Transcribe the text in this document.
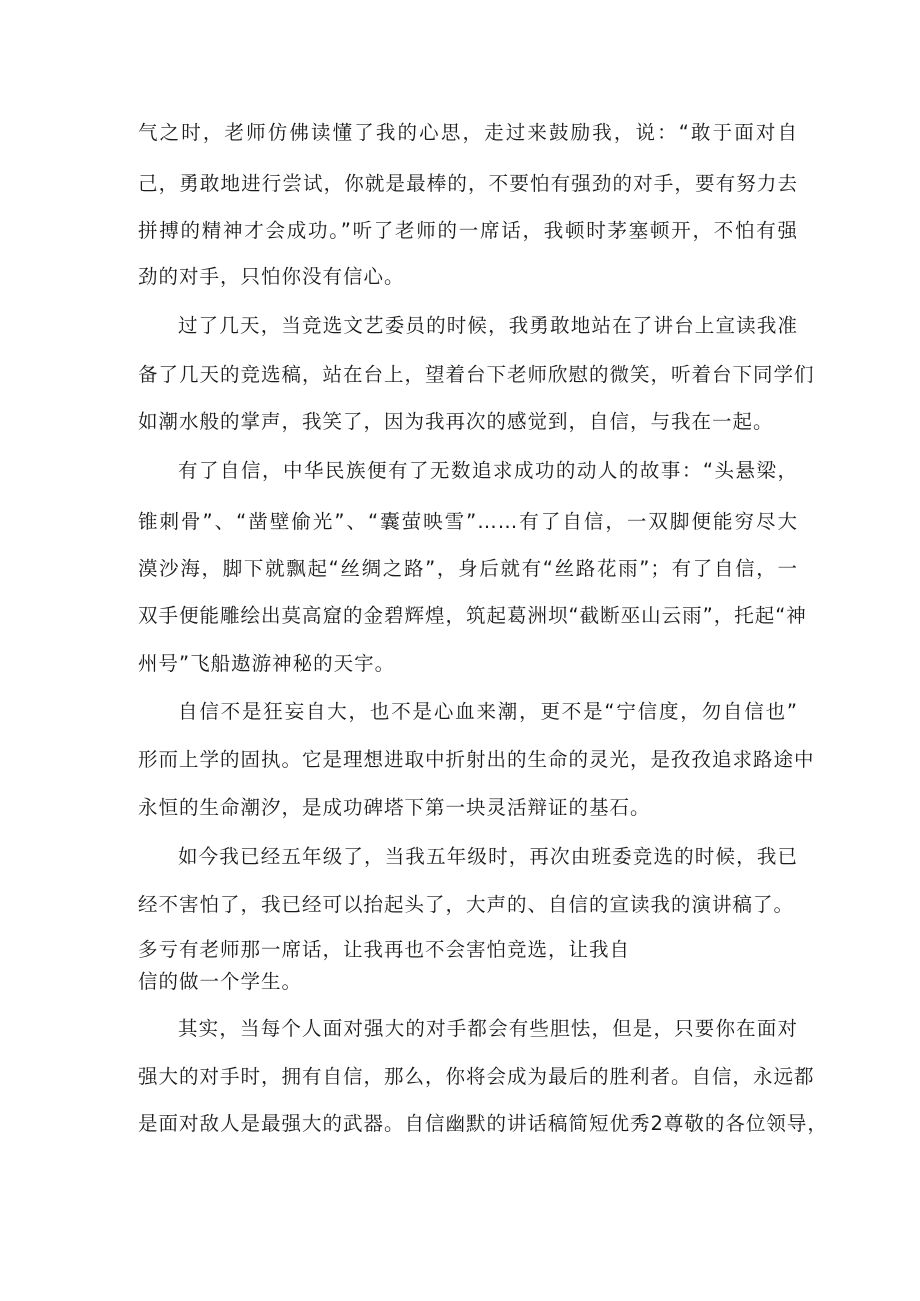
气之时，老师仿佛读懂了我的心思，走过来鼓励我，说：“敢于面对自
己，勇敢地进行尝试，你就是最棒的，不要怕有强劲的对手，要有努力去
拼搏的精神才会成功。”听了老师的一席话，我顿时茅塞顿开，不怕有强
劲的对手，只怕你没有信心。
过了几天，当竞选文艺委员的时候，我勇敢地站在了讲台上宣读我准
备了几天的竞选稿，站在台上，望着台下老师欣慰的微笑，听着台下同学们
如潮水般的掌声，我笑了，因为我再次的感觉到，自信，与我在一起。
有了自信，中华民族便有了无数追求成功的动人的故事：“头悬梁，
锥刺骨”、“凿壁偷光”、“囊萤映雪”……有了自信，一双脚便能穷尽大
漠沙海，脚下就飘起“丝绸之路”，身后就有“丝路花雨”；有了自信，一
双手便能雕绘出莫高窟的金碧辉煌，筑起葛洲坝“截断巫山云雨”，托起“神
州号”飞船遨游神秘的天宇。
自信不是狂妄自大，也不是心血来潮，更不是“宁信度，勿自信也”
形而上学的固执。它是理想进取中折射出的生命的灵光，是孜孜追求路途中
永恒的生命潮汐，是成功碑塔下第一块灵活辩证的基石。
如今我已经五年级了，当我五年级时，再次由班委竞选的时候，我已
经不害怕了，我已经可以抬起头了，大声的、自信的宣读我的演讲稿了。
多亏有老师那一席话，让我再也不会害怕竞选，让我自
信的做一个学生。
其实，当每个人面对强大的对手都会有些胆怯，但是，只要你在面对
强大的对手时，拥有自信，那么，你将会成为最后的胜利者。自信，永远都
是面对敌人是最强大的武器。自信幽默的讲话稿简短优秀2尊敬的各位领导，
